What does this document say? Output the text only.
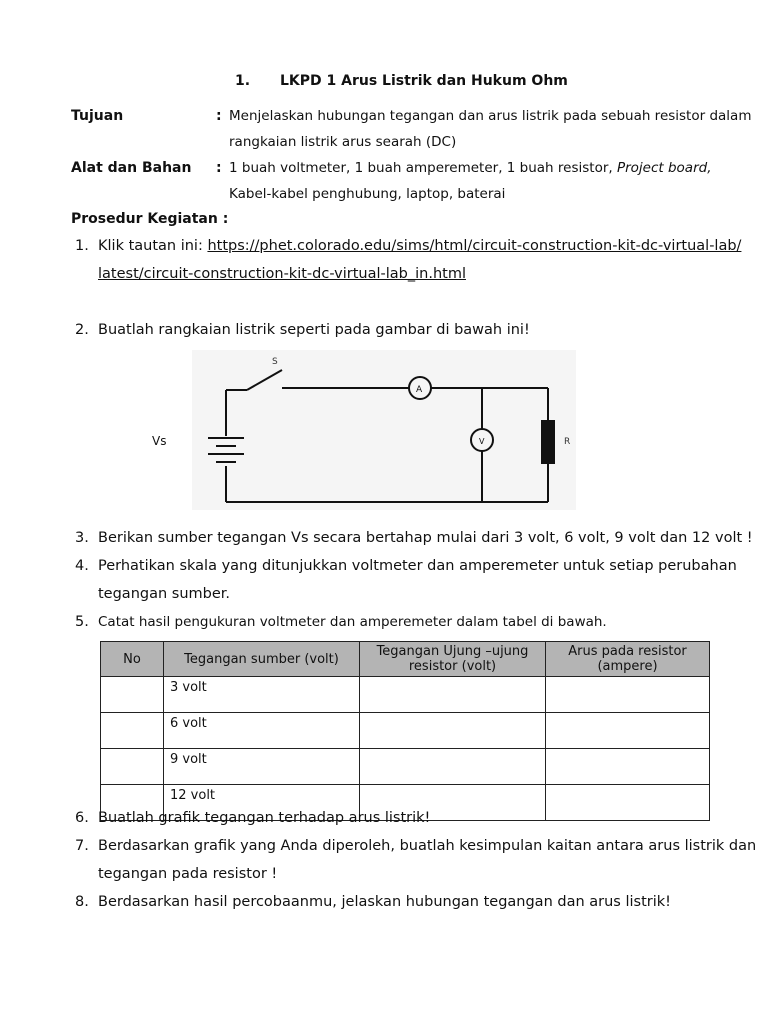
1. LKPD 1 Arus Listrik dan Hukum Ohm
Tujuan	: Menjelaskan hubungan tegangan dan arus listrik pada sebuah resistor dalam
rangkaian listrik arus searah (DC)
Alat dan Bahan : 1 buah voltmeter, 1 buah amperemeter, 1 buah resistor, Project board,
Kabel-kabel penghubung, laptop, baterai
Prosedur Kegiatan :
1. Klik tautan ini: https://phet.colorado.edu/sims/html/circuit-construction-kit-dc-virtual-lab/
latest/circuit-construction-kit-dc-virtual-lab_in.html
2. Buatlah rangkaian listrik seperti pada gambar di bawah ini!
S
A
V	R
Vs
3. Berikan sumber tegangan Vs secara bertahap mulai dari 3 volt, 6 volt, 9 volt dan 12 volt !
4. Perhatikan skala yang ditunjukkan voltmeter dan amperemeter untuk setiap perubahan
tegangan sumber.
5. Catat hasil pengukuran voltmeter dan amperemeter dalam tabel di bawah.
No	Tegangan sumber (volt)	Tegangan Ujung –ujung
resistor (volt)	Arus pada resistor
(ampere)
	3 volt		
	6 volt		
	9 volt		
	12 volt		
6. Buatlah grafik tegangan terhadap arus listrik!
7. Berdasarkan grafik yang Anda diperoleh, buatlah kesimpulan kaitan antara arus listrik dan
tegangan pada resistor !
8. Berdasarkan hasil percobaanmu, jelaskan hubungan tegangan dan arus listrik!
